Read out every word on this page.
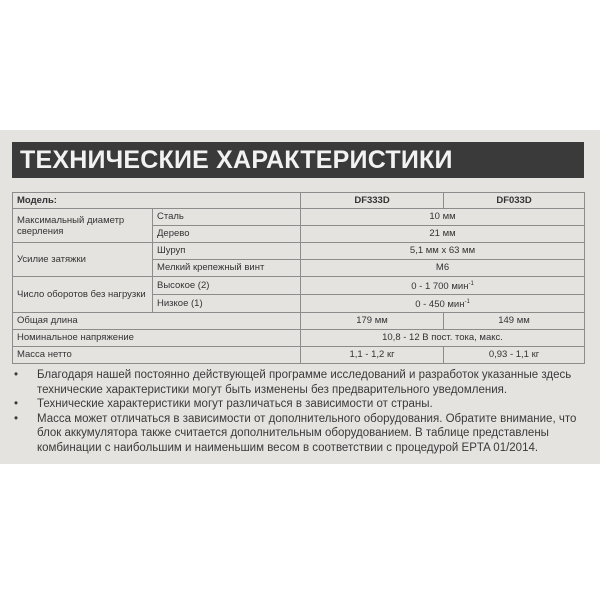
ТЕХНИЧЕСКИЕ ХАРАКТЕРИСТИКИ
Модель:		DF333D	DF033D
Максимальный диаметр сверления	Сталь	10 мм	
	Дерево	21 мм	
Усилие затяжки	Шуруп	5,1 мм x 63 мм	
	Мелкий крепежный винт	M6	
Число оборотов без нагрузки	Высокое (2)	0 - 1 700 мин$^{-1}$
	Низкое (1)	0 - 450 мин$^{-1}$
Общая длина		179 мм	149 мм
Номинальное напряжение		10,8 - 12 В пост. тока, макс.	
Масса нетто		1,1 - 1,2 кг	0,93 - 1,1 кг

• Благодаря нашей постоянно действующей программе исследований и разработок указанные здесь технические характеристики могут быть изменены без предварительного уведомления.

• Технические характеристики могут различаться в зависимости от страны.

• Масса может отличаться в зависимости от дополнительного оборудования. Обратите внимание, что блок аккумулятора также считается дополнительным оборудованием. В таблице представлены комбинации с наибольшим и наименьшим весом в соответствии с процедурой EPTA 01/2014.
